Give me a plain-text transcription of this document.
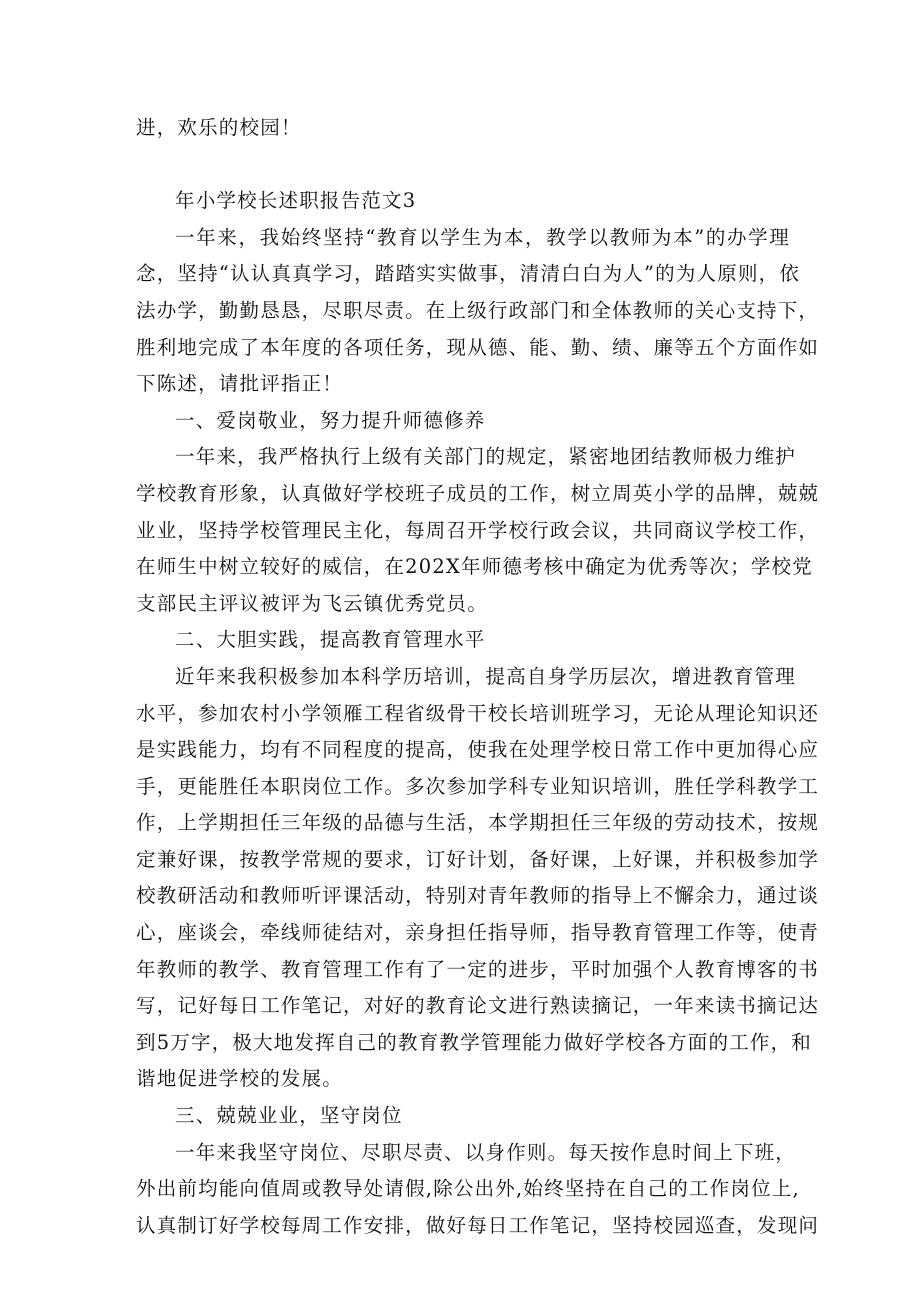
进，欢乐的校园！
年小学校长述职报告范文3
一年来，我始终坚持“教育以学生为本，教学以教师为本”的办学理
念，坚持“认认真真学习，踏踏实实做事，清清白白为人”的为人原则，依
法办学，勤勤恳恳，尽职尽责。在上级行政部门和全体教师的关心支持下，
胜利地完成了本年度的各项任务，现从德、能、勤、绩、廉等五个方面作如
下陈述，请批评指正！
一、爱岗敬业，努力提升师德修养
一年来，我严格执行上级有关部门的规定，紧密地团结教师极力维护
学校教育形象，认真做好学校班子成员的工作，树立周英小学的品牌，兢兢
业业，坚持学校管理民主化，每周召开学校行政会议，共同商议学校工作，
在师生中树立较好的威信，在202X年师德考核中确定为优秀等次；学校党
支部民主评议被评为飞云镇优秀党员。
二、大胆实践，提高教育管理水平
近年来我积极参加本科学历培训，提高自身学历层次，增进教育管理
水平，参加农村小学领雁工程省级骨干校长培训班学习，无论从理论知识还
是实践能力，均有不同程度的提高，使我在处理学校日常工作中更加得心应
手，更能胜任本职岗位工作。多次参加学科专业知识培训，胜任学科教学工
作，上学期担任三年级的品德与生活，本学期担任三年级的劳动技术，按规
定兼好课，按教学常规的要求，订好计划，备好课，上好课，并积极参加学
校教研活动和教师听评课活动，特别对青年教师的指导上不懈余力，通过谈
心，座谈会，牵线师徒结对，亲身担任指导师，指导教育管理工作等，使青
年教师的教学、教育管理工作有了一定的进步，平时加强个人教育博客的书
写，记好每日工作笔记，对好的教育论文进行熟读摘记，一年来读书摘记达
到5万字，极大地发挥自己的教育教学管理能力做好学校各方面的工作，和
谐地促进学校的发展。
三、兢兢业业，坚守岗位
一年来我坚守岗位、尽职尽责、以身作则。每天按作息时间上下班，
外出前均能向值周或教导处请假,除公出外,始终坚持在自己的工作岗位上,
认真制订好学校每周工作安排，做好每日工作笔记，坚持校园巡查，发现问
